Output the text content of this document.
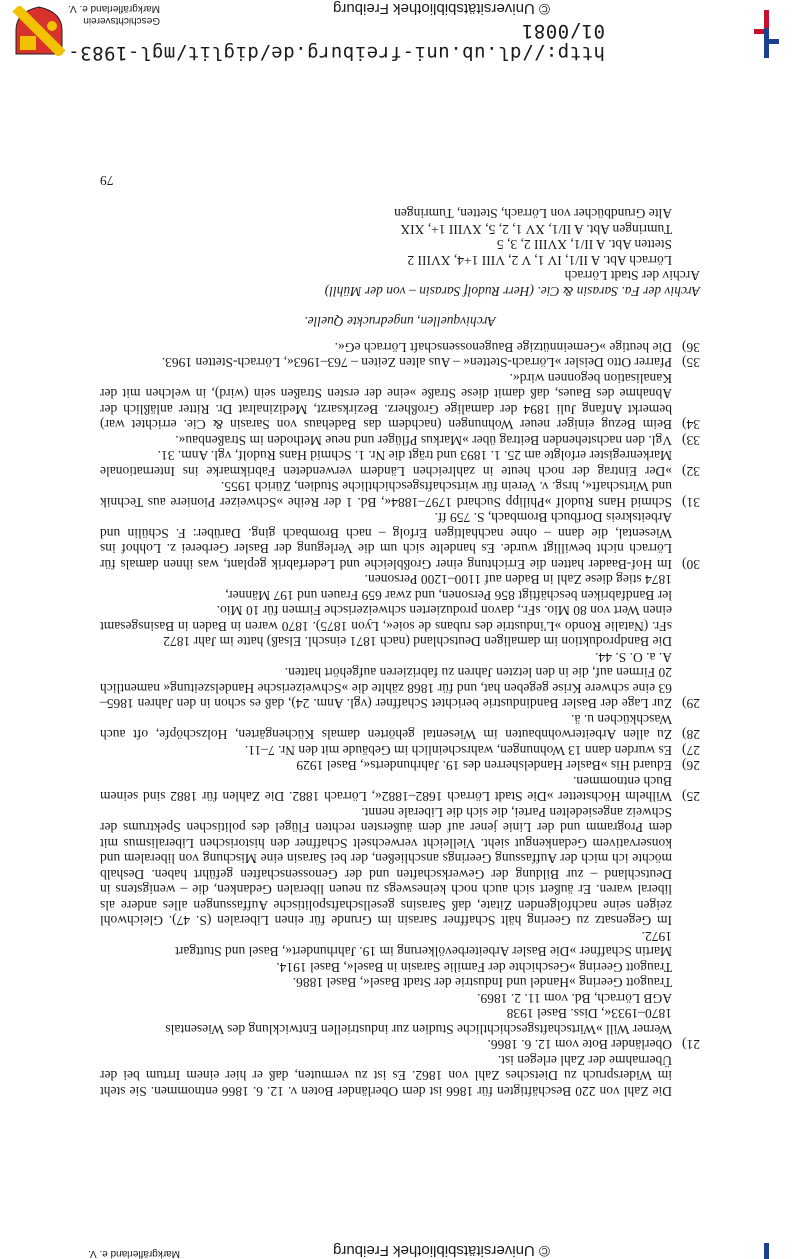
http://dl.ub.uni-freiburg.de/diglit/mgl-1983-01/0081
© Universitätsbibliothek Freiburg
Geschichtsverein
Markgräflerland e. V.
© Universitätsbibliothek Freiburg
Markgräflerland e. V.
Die Zahl von 220 Beschäftigten für 1866 ist dem Oberländer Boten v. 12. 6. 1866 entnommen. Sie steht im Widerspruch zu Dietsches Zahl von 1862. Es ist zu vermuten, daß er hier einem Irrtum bei der Übernahme der Zahl erlegen ist.
21)
Oberländer Bote vom 12. 6. 1866.
Werner Will »Wirtschaftsgeschichtliche Studien zur industriellen Entwicklung des Wiesentals
1870–1933«, Diss. Basel 1938
AGB Lörrach, Bd. vom 11. 2. 1869.
Traugott Geering »Handel und Industrie der Stadt Basel«, Basel 1886.
Traugott Geering »Geschichte der Familie Sarasin in Basel«, Basel 1914.
Martin Schaffner »Die Basler Arbeiterbevölkerung im 19. Jahrhundert«, Basel und Stuttgart
1972.
Im Gegensatz zu Geering hält Schaffner Sarasin im Grunde für einen Liberalen (S. 47). Gleichwohl zeigen seine nachfolgenden Zitate, daß Sarasins gesellschaftspolitische Auffassungen alles andere als liberal waren. Er äußert sich auch noch keineswegs zu neuen liberalen Gedanken, die – wenigstens in Deutschland – zur Bildung der Gewerkschaften und der Genossenschaften geführt haben. Deshalb möchte ich mich der Auffassung Geerings anschließen, der bei Sarasin eine Mischung von liberalem und konservativem Gedankengut sieht. Vielleicht verwechselt Schaffner den historischen Liberalismus mit dem Programm und der Linie jener auf dem äußersten rechten Flügel des politischen Spektrums der Schweiz angesiedelten Partei, die sich die Liberale nennt.
25)
Wilhelm Höchstetter »Die Stadt Lörrach 1682–1882«, Lörrach 1882. Die Zahlen für 1882 sind seinem Buch entnommen.
26)
Eduard His »Basler Handelsherren des 19. Jahrhunderts«, Basel 1929
27)
Es wurden dann 13 Wohnungen, wahrscheinlich im Gebäude mit den Nr. 7–11.
28)
Zu allen Arbeiterwohnbauten im Wiesental gehörten damals Küchengärten, Holzschöpfe, oft auch Waschküchen u. ä.
29)
Zur Lage der Basler Bandindustrie berichtet Schaffner (vgl. Anm. 24), daß es schon in den Jahren 1865–63 eine schwere Krise gegeben hat, und für 1868 zählte die »Schweizerische Handelszeitung« namentlich 20 Firmen auf, die in den letzten Jahren zu fabrizieren aufgehört hatten.
A. a. O. S. 44.
Die Bandproduktion im damaligen Deutschland (nach 1871 einschl. Elsaß) hatte im Jahr 1872
sFr. (Natalie Rondo »L'industrie des rubans de soie«, Lyon 1875). 1870 waren in Baden in Basinsgesamt einen Wert von 80 Mio. sFr., davon produzierten schweizerische Firmen für 10 Mio.
ler Bandfabriken beschäftigt 856 Personen, und zwar 659 Frauen und 197 Männer,
1874 stieg diese Zahl in Baden auf 1100–1200 Personen.
30)
Im Hof-Baader hatten die Errichtung einer Großbleiche und Lederfabrik geplant, was ihnen damals für Lörrach nicht bewilligt wurde. Es handelte sich um die Verlegung der Basler Gerberei z. Lohhof ins Wiesental, die dann – ohne nachhaltigen Erfolg – nach Brombach ging. Darüber: F. Schülin und Arbeitskreis Dorfbuch Brombach, S. 759 ff.
31)
Schmid Hans Rudolf »Philipp Suchard 1797–1884«, Bd. 1 der Reihe »Schweizer Pioniere aus Technik und Wirtschaft«, hrsg. v. Verein für wirtschaftsgeschichtliche Studien, Zürich 1955.
32)
»Der Eintrag der noch heute in zahlreichen Ländern verwendeten Fabrikmarke ins Internationale Markenregister erfolgte am 25. 1. 1893 und trägt die Nr. 1. Schmid Hans Rudolf, vgl. Anm. 31.
33)
Vgl. den nachstehenden Beitrag über »Markus Pflüger und neue Methoden im Straßenbau«.
34)
Beim Bezug einiger neuer Wohnungen (nachdem das Badehaus von Sarasin & Cie. errichtet war) bemerkt Anfang Juli 1894 der damalige Großherz. Bezirksarzt, Medizinalrat Dr. Ritter anläßlich der Abnahme des Baues, daß damit diese Straße »eine der ersten Straßen sein (wird), in welchen mit der Kanalisation begonnen wird«.
35)
Pfarrer Otto Deisler »Lörrach-Stetten« – Aus alten Zeiten – 763–1963«, Lörrach-Stetten 1963.
36)
Die heutige »Gemeinnützige Baugenossenschaft Lörrach eG«.
Archivquellen, ungedruckte Quelle.
Archiv der Fa. Sarasin & Cie. (Herr Rudolf Sarasin – von der Mühll)
Archiv der Stadt Lörrach
Lörrach Abt. A II/1, IV 1, V 2, VIII 1+4, XVIII 2
Stetten Abt. A II/1, XVIII 2, 3, 5
Tumringen Abt. A II/1, XV 1, 2, 5, XVIII 1+, XIX
Alte Grundbücher von Lörrach, Stetten, Tumringen
79
